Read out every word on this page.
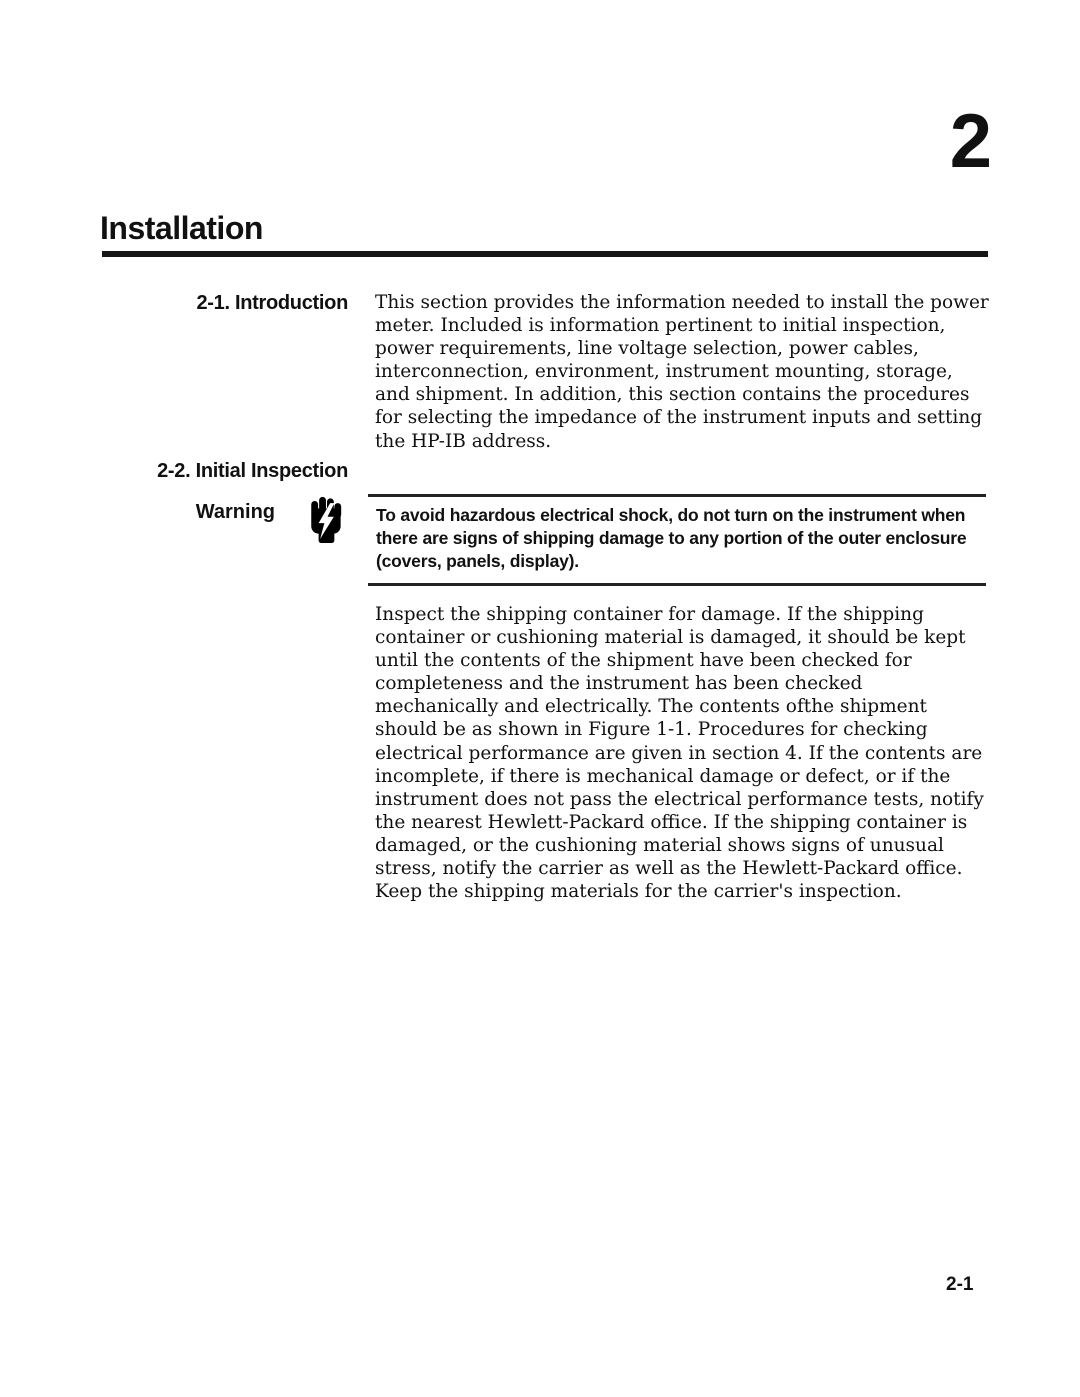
2
Installation
2-1. Introduction This section provides the information needed to install the power meter. Included is information pertinent to initial inspection, power requirements, line voltage selection, power cables, interconnection, environment, instrument mounting, storage, and shipment. In addition, this section contains the procedures for selecting the impedance of the instrument inputs and setting the HP-IB address.
2-2. Initial Inspection
Warning	To avoid hazardous electrical shock, do not turn on the instrument when there are signs of shipping damage to any portion of the outer enclosure (covers, panels, display).
Inspect the shipping container for damage. If the shipping container or cushioning material is damaged, it should be kept until the contents of the shipment have been checked for completeness and the instrument has been checked mechanically and electrically. The contents ofthe shipment should be as shown in Figure 1-1. Procedures for checking electrical performance are given in section 4. If the contents are incomplete, if there is mechanical damage or defect, or if the instrument does not pass the electrical performance tests, notify the nearest Hewlett-Packard office. If the shipping container is damaged, or the cushioning material shows signs of unusual stress, notify the carrier as well as the Hewlett-Packard office. Keep the shipping materials for the carrier's inspection.
2-1
